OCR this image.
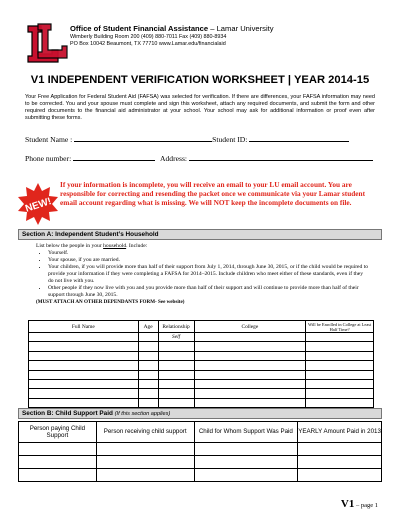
Office of Student Financial Assistance – Lamar University
Wimberly Building Room 200 (409) 880-7011 Fax (409) 880-8934
PO Box 10042 Beaumont, TX 77710 www.Lamar.edu/financialaid
V1 INDEPENDENT VERIFICATION WORKSHEET | YEAR 2014-15
Your Free Application for Federal Student Aid (FAFSA) was selected for verification. If there are differences, your FAFSA information may need to be corrected. You and your spouse must complete and sign this worksheet, attach any required documents, and submit the form and other required documents to the financial aid administrator at your school. Your school may ask for additional information or proof even after submitting these forms.
Student Name :	Student ID:
Phone number:	Address:
NEW!
If your information is incomplete, you will receive an email to your LU email account. You are responsible for correcting and resending the packet once we communicate via your Lamar student email account regarding what is missing. We will NOT keep the incomplete documents on file.
Section A: Independent Student’s Household
List below the people in your household. Include:
• Yourself.
• Your spouse, if you are married.
• Your children, if you will provide more than half of their support from July 1, 2014, through June 30, 2015, or if the child would be required to provide your information if they were completing a FAFSA for 2014–2015. Include children who meet either of these standards, even if they do not live with you.
• Other people if they now live with you and you provide more than half of their support and will continue to provide more than half of their support through June 30, 2015.
(MUST ATTACH AN OTHER DEPENDANTS FORM- See website)
Full Name	Age	Relationship	College	Will be Enrolled in College at Least Half Time?
		Self		

Section B: Child Support Paid (If this section applies)
Person paying Child Support	Person receiving child support	Child for Whom Support Was Paid	YEARLY Amount Paid in 2013

V1 – page 1
